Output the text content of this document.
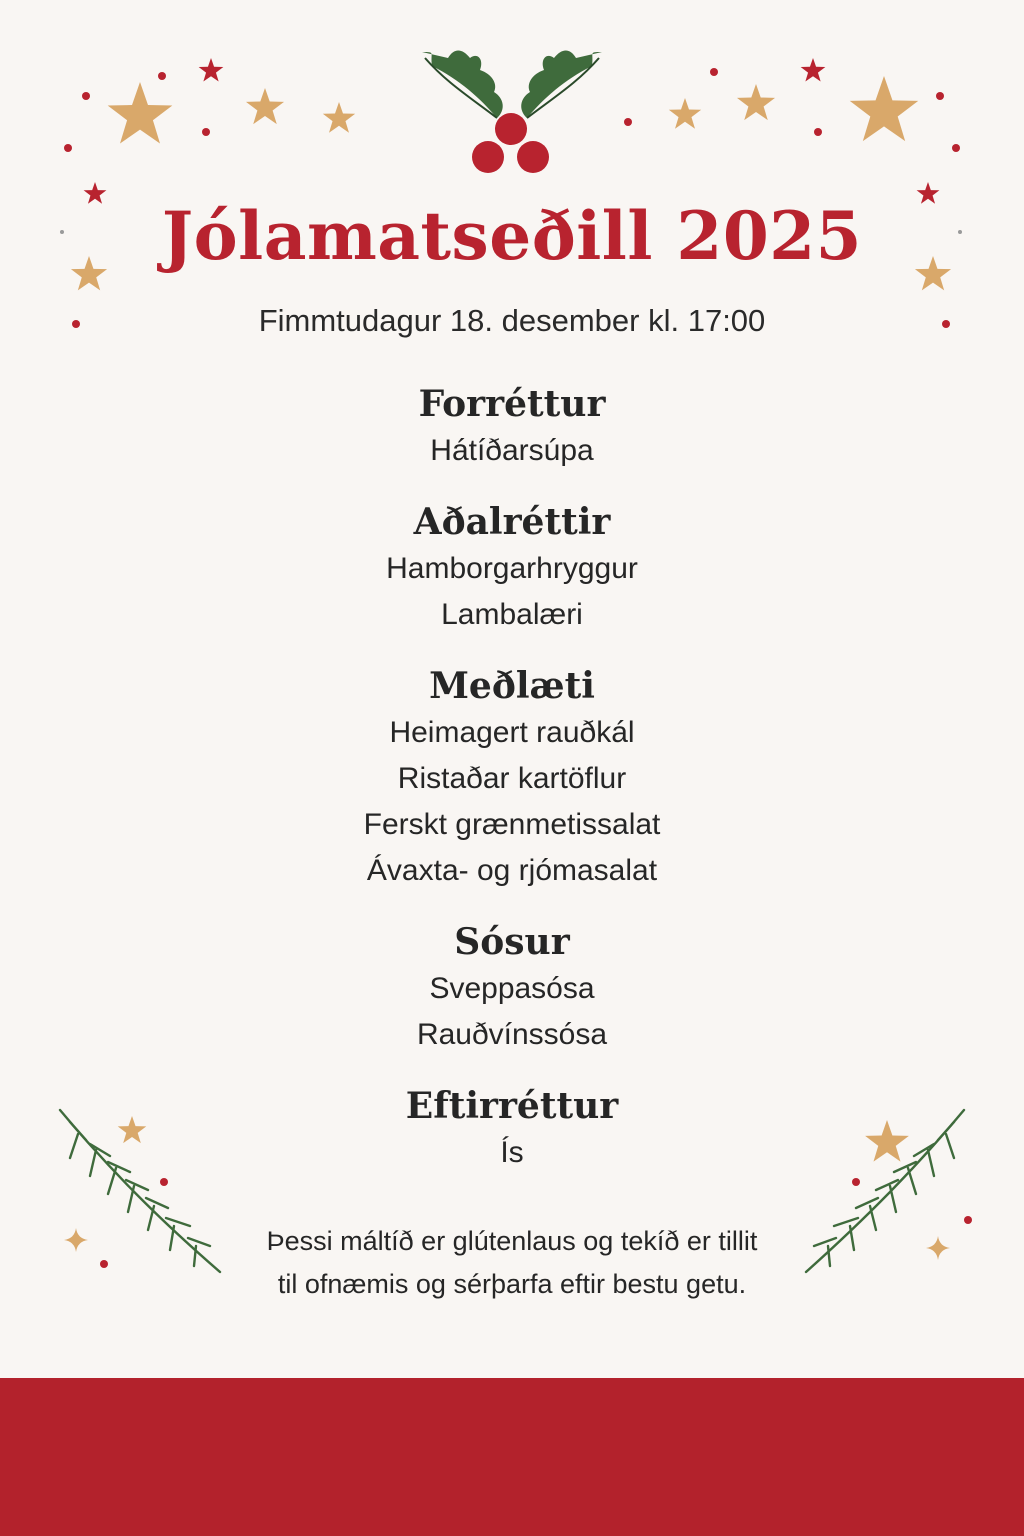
Jólamatseðill 2025
Fimmtudagur 18. desember kl. 17:00
Forréttur
Hátíðarsúpa
Aðalréttir
Hamborgarhryggur
Lambalæri
Meðlæti
Heimagert rauðkál
Ristaðar kartöflur
Ferskt grænmetissalat
Ávaxta- og rjómasalat
Sósur
Sveppasósa
Rauðvínssósa
Eftirréttur
Ís
Þessi máltíð er glútenlaus og tekíð er tillit
til ofnæmis og sérþarfa eftir bestu getu.
